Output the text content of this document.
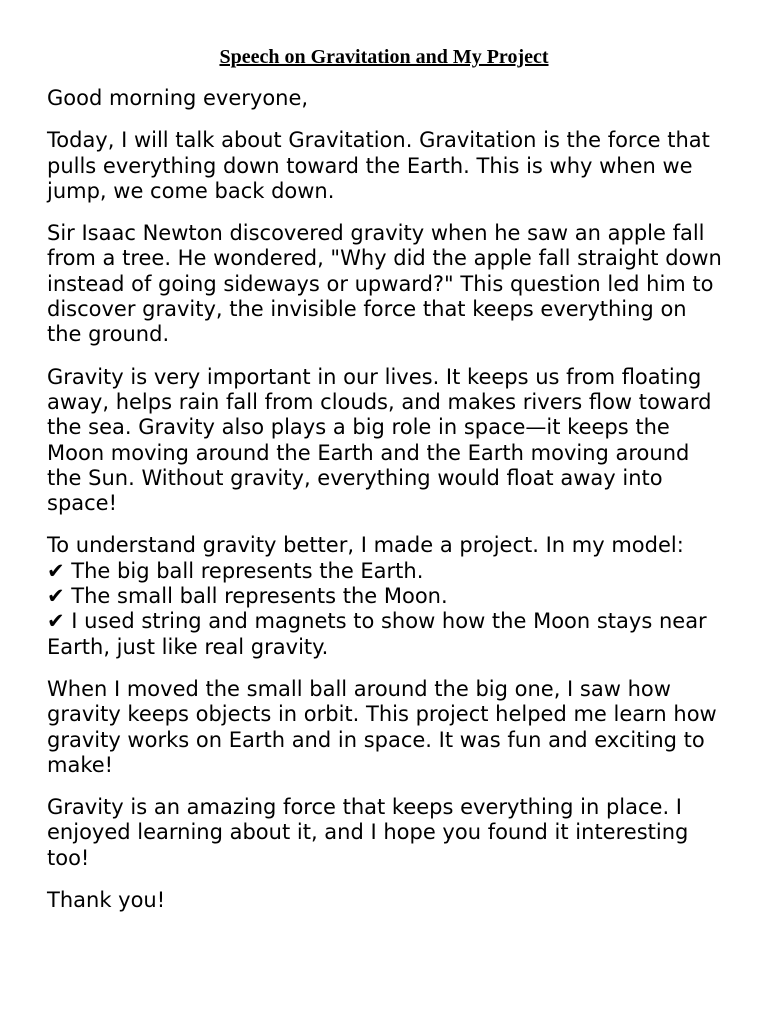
Speech on Gravitation and My Project

Good morning everyone,

Today, I will talk about Gravitation. Gravitation is the force that pulls everything down toward the Earth. This is why when we jump, we come back down.

Sir Isaac Newton discovered gravity when he saw an apple fall from a tree. He wondered, "Why did the apple fall straight down instead of going sideways or upward?" This question led him to discover gravity, the invisible force that keeps everything on the ground.

Gravity is very important in our lives. It keeps us from floating away, helps rain fall from clouds, and makes rivers flow toward the sea. Gravity also plays a big role in space—it keeps the Moon moving around the Earth and the Earth moving around the Sun. Without gravity, everything would float away into space!

To understand gravity better, I made a project. In my model:

✔ The big ball represents the Earth.

✔ The small ball represents the Moon.

✔ I used string and magnets to show how the Moon stays near Earth, just like real gravity.

When I moved the small ball around the big one, I saw how gravity keeps objects in orbit. This project helped me learn how gravity works on Earth and in space. It was fun and exciting to make!

Gravity is an amazing force that keeps everything in place. I enjoyed learning about it, and I hope you found it interesting too!

Thank you!
